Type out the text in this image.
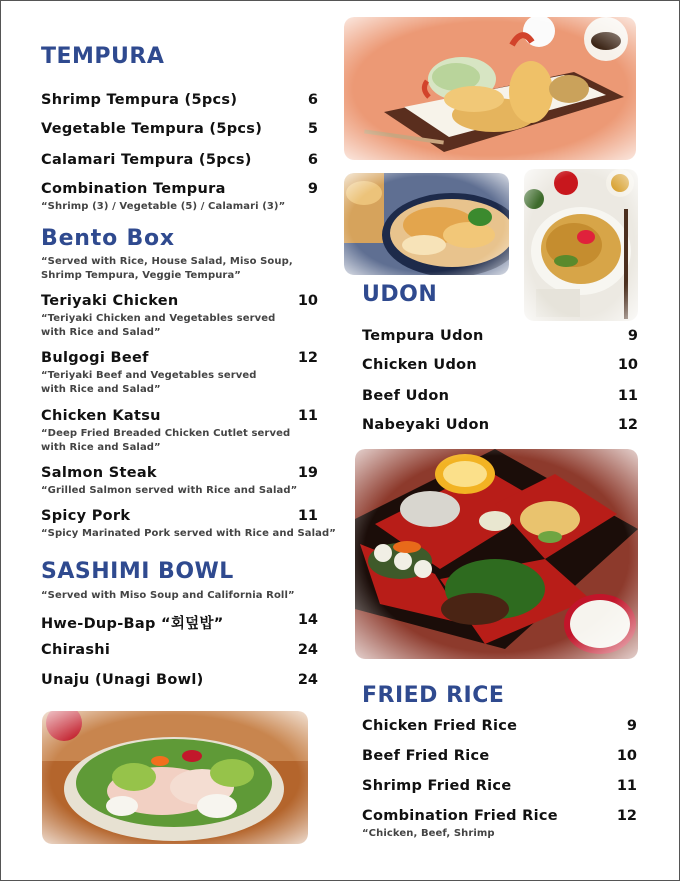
TEMPURA
Shrimp Tempura (5pcs)	6
Vegetable Tempura (5pcs)	5
Calamari Tempura (5pcs)	6
Combination Tempura	9
“Shrimp (3) / Vegetable (5) / Calamari (3)”
Bento Box
“Served with Rice, House Salad, Miso Soup,
Shrimp Tempura, Veggie Tempura”
Teriyaki Chicken	10
“Teriyaki Chicken and Vegetables served
with Rice and Salad”
Bulgogi Beef	12
“Teriyaki Beef and Vegetables served
with Rice and Salad”
Chicken Katsu	11
“Deep Fried Breaded Chicken Cutlet served
with Rice and Salad”
Salmon Steak	19
“Grilled Salmon served with Rice and Salad”
Spicy Pork	11
“Spicy Marinated Pork served with Rice and Salad”
SASHIMI BOWL
“Served with Miso Soup and California Roll”
Hwe-Dup-Bap “회덮밥”	14
Chirashi	24
Unaju (Unagi Bowl)	24
UDON
Tempura Udon	9
Chicken Udon	10
Beef Udon	11
Nabeyaki Udon	12
FRIED RICE
Chicken Fried Rice	9
Beef Fried Rice	10
Shrimp Fried Rice	11
Combination Fried Rice	12
“Chicken, Beef, Shrimp
